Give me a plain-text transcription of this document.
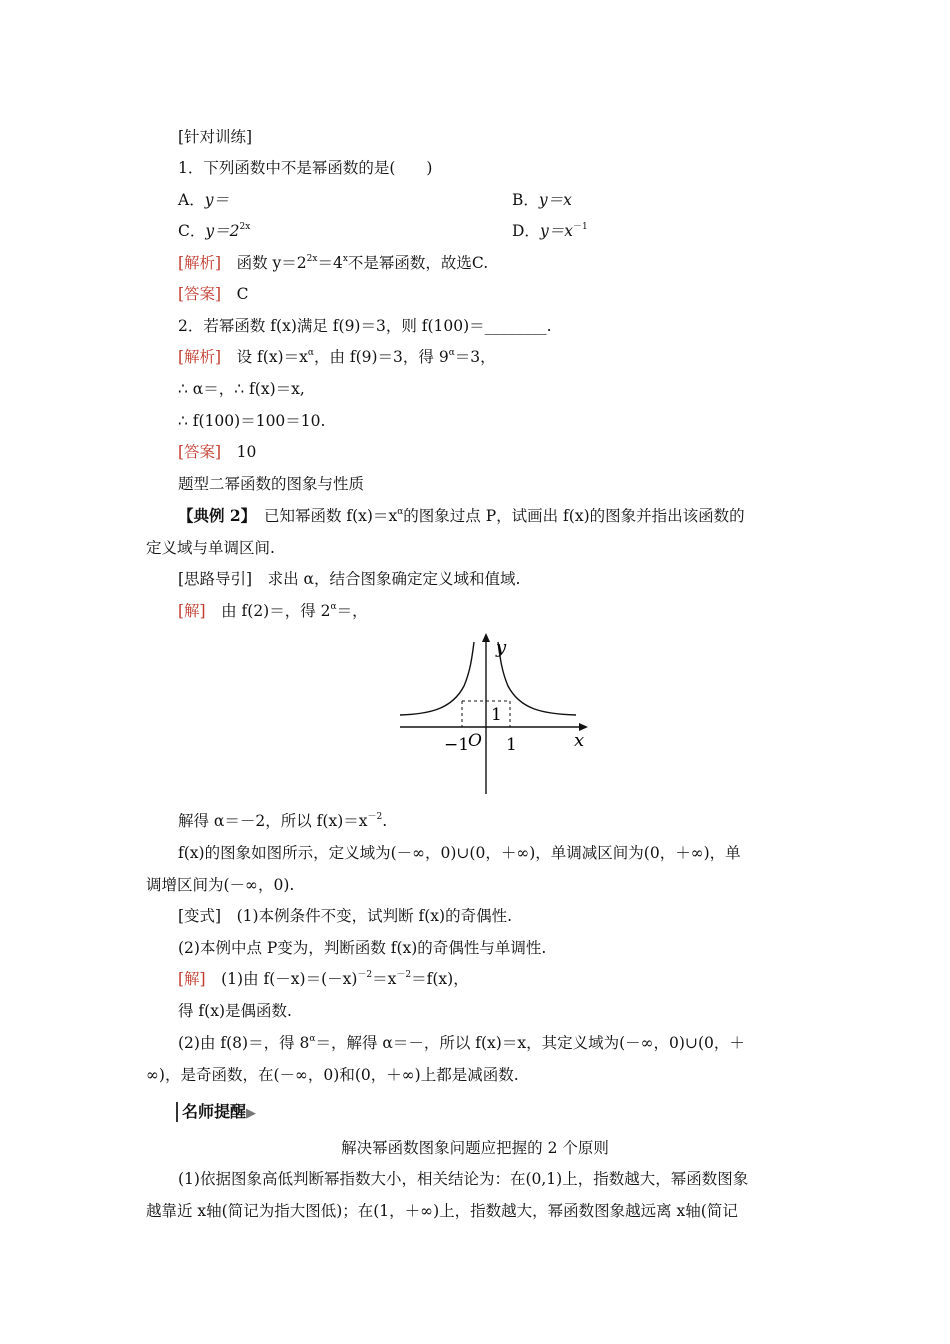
[针对训练]
1．下列函数中不是幂函数的是(　　)
A．y＝	B．y＝x
C．$y=2^{2x}$	D．$y=x^{-1}$
[解析]　函数 $y=2^{2x}=4^x$不是幂函数，故选C.
[答案]　C
2．若幂函数 f(x)满足 f(9)＝3，则 f(100)＝________.
[解析]　设 $f(x)=x^\alpha$，由 f(9)＝3，得 $9^\alpha=3$，
∴ α＝，∴ f(x)＝x,
∴ f(100)＝100＝10.
[答案]　10
题型二幂函数的图象与性质
【典例 2】　已知幂函数 $f(x)=x^\alpha$的图象过点 P，试画出 f(x)的图象并指出该函数的
定义域与单调区间.
[思路导引]　求出 α，结合图象确定定义域和值域.
[解]　由 f(2)＝，得 $2^\alpha=$，
y
x
O
−1 1
1
解得 α＝－2，所以 $f(x)=x^{-2}$.
f(x)的图象如图所示，定义域为(－∞，0)∪(0，＋∞)，单调减区间为(0，＋∞)，单
调增区间为(－∞，0).
[变式]　(1)本例条件不变，试判断 f(x)的奇偶性.
(2)本例中点 P变为，判断函数 f(x)的奇偶性与单调性.
[解]　(1)由 $f(-x)=(-x)^{-2}=x^{-2}=f(x)$，
得 f(x)是偶函数.
(2)由 f(8)＝，得 $8^\alpha=$，解得 α＝－，所以 f(x)＝x，其定义域为(－∞，0)∪(0，＋
∞)，是奇函数，在(－∞，0)和(0，＋∞)上都是减函数.
名师提醒▶
解决幂函数图象问题应把握的 2 个原则
(1)依据图象高低判断幂指数大小，相关结论为：在(0,1)上，指数越大，幂函数图象
越靠近 x轴(简记为指大图低)；在(1，＋∞)上，指数越大，幂函数图象越远离 x轴(简记
